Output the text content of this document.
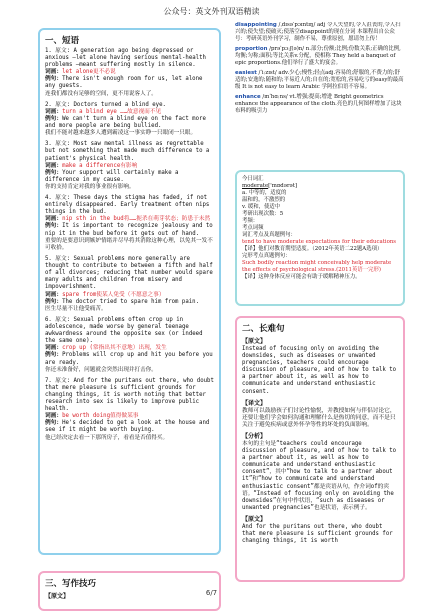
公众号：英文外刊双语精读
一、短语

1. 原文: A generation ago being depressed or anxious —let alone having serious mental-health problems —meant suffering mostly in silence.

词画：let alone更不必说

例句：There isn't enough room for us, let alone any guests.

连我们都没有足够的空间，更不用说客人了。

2. 原文: Doctors turned a blind eye.

词画：turn a blind eye ……故意视而不见

例句：We can't turn a blind eye on the fact more and more people are being bullied.

我们不能对越来越多人遭到霸凌这一事实睁一只眼闭一只眼。

3. 原文: Most saw mental illness as regrettable but not something that made much difference to a patient's physical health.

词画：make a difference有影响

例句：Your support will certainly make a difference in my cause.

你的支持肯定对我的事业很有影响。

4. 原文: These days the stigma has faded, if not entirely disappeared. Early treatment often nips things in the bud.

词画：nip sth in the bud将……扼杀在萌芽状态；防患于未然

例句：It is important to recognize jealousy and to nip it in the bud before it gets out of hand.

重要的是要意识到嫉妒情绪并尽早将其消除这种心理，以免其一发不可收拾。

5. 原文: Sexual problems more generally are thought to contribute to between a fifth and half of all divorces; reducing that number would spare many adults and children from misery and impoverishment.

词画：spare from使某人免受（不愿意之事）

例句：The doctor tried to spare him from pain.

医生尽量不让他受痛苦。

6. 原文: Sexual problems often crop up in adolescence, made worse by general teenage awkwardness around the opposite sex (or indeed the same one).

词画：crop up (常指出其不意地）出现，发生

例句：Problems will crop up and hit you before you are ready.

你还未准备好，问题就会突然出现并打击你。

7. 原文: And for the puritans out there, who doubt that mere pleasure is sufficient grounds for changing things, it is worth noting that better research into sex is likely to improve public health.

词画：be worth doing值得做某事

例句：He's decided to get a look at the house and see if it might be worth buying.

他已经决定去看一下那所房子，看看是否值得买。

三、写作技巧
【原文】

disappointing /ˌdɪsəˈpɔɪntɪŋ/ adj 令人失望的,令人沮丧的,令人扫兴的;使失望;使破灭;使落空disappoint的现在分词 本课程出自公众号：考研英语外刊学习，制作不易，尊重原创，愿请勿上传！

proportion /prəˈpɔːʃ(ə)n/ n.部分;份额;比例;份数关系;正确的比例,均衡;匀称;面积;等比关系v.分配，使相称 They held a banquet of epic proportions.他们举行了盛大的宴会。

easiest /ˈiːzɪst/ adv.少心;慢性;轻点adj.容易的;舒服的,不费力的;舒适的;安逸的;随和的;平易近人的;自在的;宽松的,容易吃亏的easy的最高级 It is not easy to learn Arabic 学阿拉伯语不容易。

enhance /ɪnˈhɑːns/ vt.增强;提高;增进 Bright geometrics enhance the appearance of the cloth.亮色的几何图样增加了这块布料的吸引力

今日词汇
moderate['mɒdərət]
a. 中等的，适度的
温和的，不激烈的
v. 缓和，使适中
考研出现次数：5
考频：
考点词频
词汇考点及真题例句：
tend to have moderate expectations for their educations
【译】他们对教育期望适度。（2012年英语二22题A选项）
完形考点真题例句：
Such bodily reaction might conceivably help moderate the effects of psychological stress.(2011英语一完形)
【译】这种身体反应可能会有助于缓解精神压力。
二、长难句
【原文】

Instead of focusing only on avoiding the downsides, such as diseases or unwanted pregnancies, teachers could encourage discussion of pleasure, and of how to talk to a partner about it, as well as how to communicate and understand enthusiastic consent.

【译文】

教师可以鼓励孩子们讨论性愉悦，并教授如何与伴侣讨论它，还要让他们学会如何沟通和理解什么是热切的同意，而不是只关注于避免疾病或意外怀孕等性的坏处的负面影响。

【分析】

本句的主句是“teachers could encourage discussion of pleasure, and of how to talk to a partner about it, as well as how to communicate and understand enthusiastic consent”，其中“how to talk to a partner about it”和“how to communicate and understand enthusiastic consent”都是宾语从句，作介词of的宾语。“Instead of focusing only on avoiding the downsides”在句中作状语，“such as diseases or unwanted pregnancies”也是状语，表示例子。

【原文】

And for the puritans out there, who doubt that mere pleasure is sufficient grounds for changing things, it is worth

6/7
